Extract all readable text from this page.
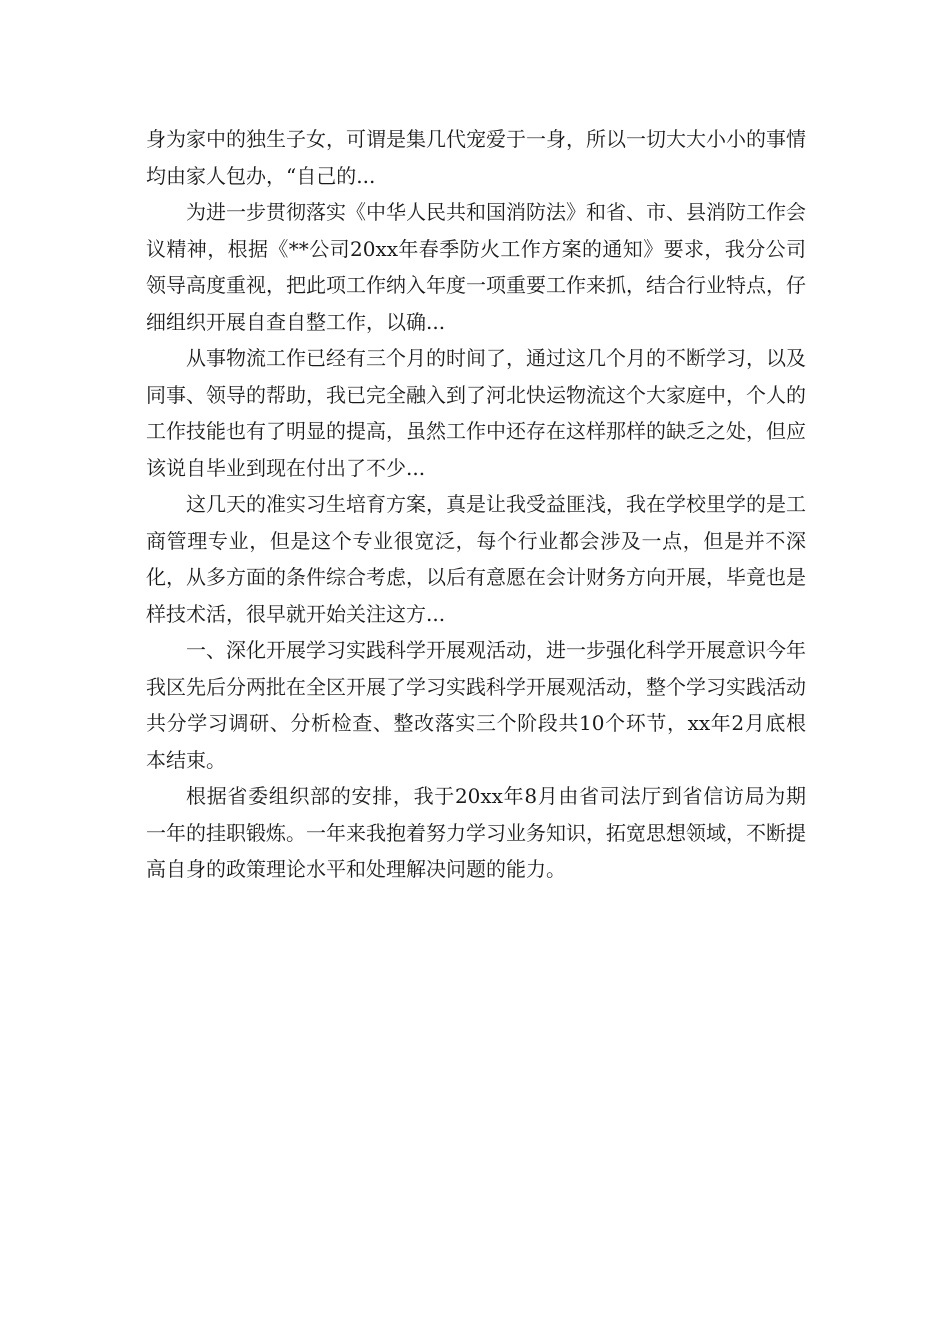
身为家中的独生子女，可谓是集几代宠爱于一身，所以一切大大小小的事情均由家人包办，“自己的...

为进一步贯彻落实《中华人民共和国消防法》和省、市、县消防工作会议精神，根据《**公司20xx年春季防火工作方案的通知》要求，我分公司领导高度重视，把此项工作纳入年度一项重要工作来抓，结合行业特点，仔细组织开展自查自整工作，以确...

从事物流工作已经有三个月的时间了，通过这几个月的不断学习，以及同事、领导的帮助，我已完全融入到了河北快运物流这个大家庭中，个人的工作技能也有了明显的提高，虽然工作中还存在这样那样的缺乏之处，但应该说自毕业到现在付出了不少...

这几天的准实习生培育方案，真是让我受益匪浅，我在学校里学的是工商管理专业，但是这个专业很宽泛，每个行业都会涉及一点，但是并不深化，从多方面的条件综合考虑，以后有意愿在会计财务方向开展，毕竟也是样技术活，很早就开始关注这方...

一、深化开展学习实践科学开展观活动，进一步强化科学开展意识今年我区先后分两批在全区开展了学习实践科学开展观活动，整个学习实践活动共分学习调研、分析检查、整改落实三个阶段共10个环节，xx年2月底根本结束。

根据省委组织部的安排，我于20xx年8月由省司法厅到省信访局为期一年的挂职锻炼。一年来我抱着努力学习业务知识，拓宽思想领域，不断提高自身的政策理论水平和处理解决问题的能力。
